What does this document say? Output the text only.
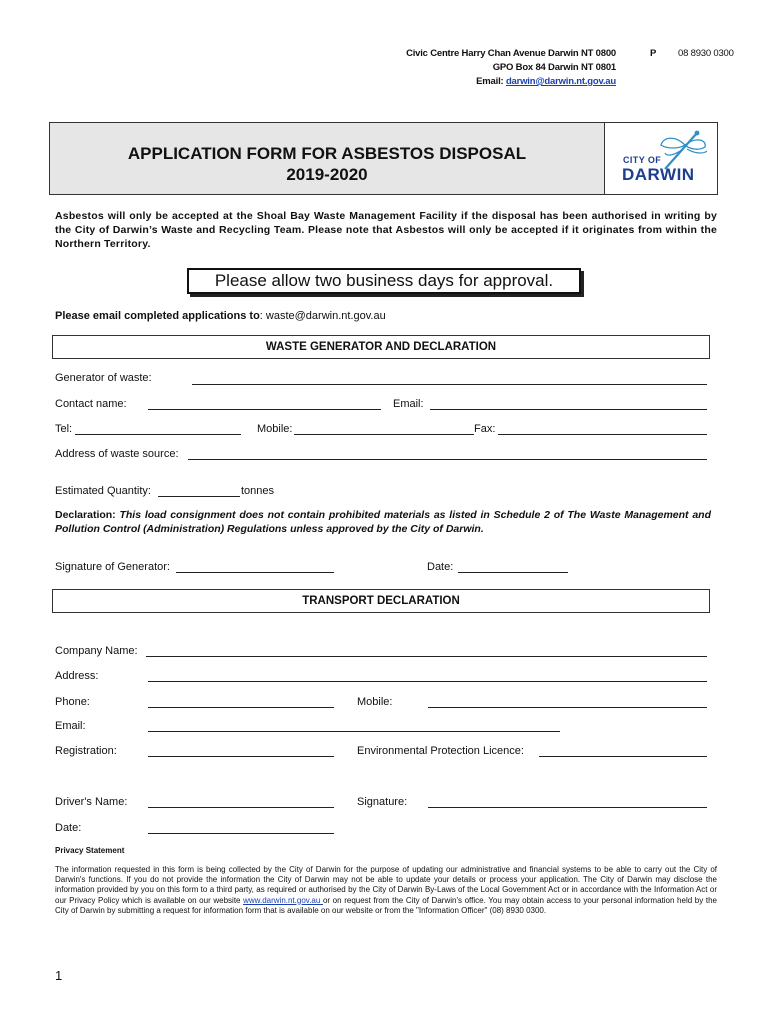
Civic Centre Harry Chan Avenue Darwin NT 0800
GPO Box 84 Darwin NT 0801
Email: darwin@darwin.nt.gov.au
P 08 8930 0300
APPLICATION FORM FOR ASBESTOS DISPOSAL
2019-2020
CITY OF
DARWIN
Asbestos will only be accepted at the Shoal Bay Waste Management Facility if the disposal has been authorised in writing by the City of Darwin’s Waste and Recycling Team. Please note that Asbestos will only be accepted if it originates from within the Northern Territory.
Please allow two business days for approval.
Please email completed applications to: waste@darwin.nt.gov.au
WASTE GENERATOR AND DECLARATION
Generator of waste:
Contact name:	Email:
Tel:	Mobile:	Fax:
Address of waste source:
Estimated Quantity:	tonnes
Declaration: This load consignment does not contain prohibited materials as listed in Schedule 2 of The Waste Management and Pollution Control (Administration) Regulations unless approved by the City of Darwin.
Signature of Generator:	Date:
TRANSPORT DECLARATION
Company Name:
Address:
Phone:	Mobile:
Email:
Registration:	Environmental Protection Licence:
Driver's Name:	Signature:
Date:
Privacy Statement
The information requested in this form is being collected by the City of Darwin for the purpose of updating our administrative and financial systems to be able to carry out the City of Darwin's functions. If you do not provide the information the City of Darwin may not be able to update your details or process your application. The City of Darwin may disclose the information provided by you on this form to a third party, as required or authorised by the City of Darwin By-Laws of the Local Government Act or in accordance with the Information Act or our Privacy Policy which is available on our website www.darwin.nt.gov.au or on request from the City of Darwin's office. You may obtain access to your personal information held by the City of Darwin by submitting a request for information form that is available on our website or from the "Information Officer" (08) 8930 0300.
1
